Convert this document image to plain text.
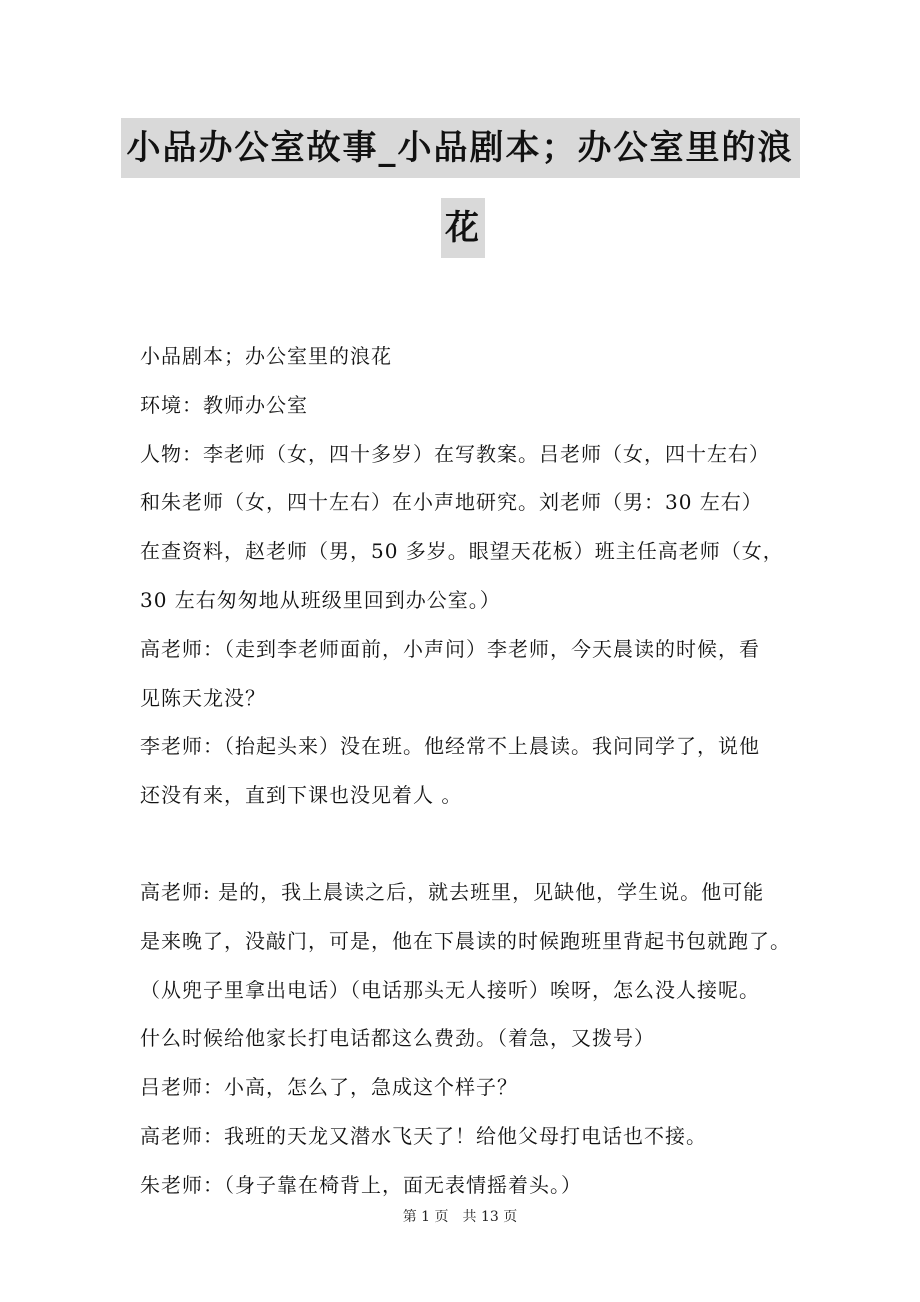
小品办公室故事_小品剧本；办公室里的浪
花

小品剧本；办公室里的浪花

环境：教师办公室

人物：李老师（女，四十多岁）在写教案。吕老师（女，四十左右）

和朱老师（女，四十左右）在小声地研究。刘老师（男：30 左右）

在查资料，赵老师（男，50 多岁。眼望天花板）班主任高老师（女，

30 左右匆匆地从班级里回到办公室。）

高老师：（走到李老师面前，小声问）李老师，今天晨读的时候，看

见陈天龙没？

李老师：（抬起头来）没在班。他经常不上晨读。我问同学了，说他

还没有来，直到下课也没见着人 。

高老师: 是的，我上晨读之后，就去班里，见缺他，学生说。他可能

是来晚了，没敲门，可是，他在下晨读的时候跑班里背起书包就跑了。

（从兜子里拿出电话）（电话那头无人接听）唉呀，怎么没人接呢。

什么时候给他家长打电话都这么费劲。（着急，又拨号）

吕老师：小高，怎么了，急成这个样子？

高老师：我班的天龙又潜水飞天了！给他父母打电话也不接。

朱老师：（身子靠在椅背上，面无表情摇着头。）

第 1 页　共 13 页
